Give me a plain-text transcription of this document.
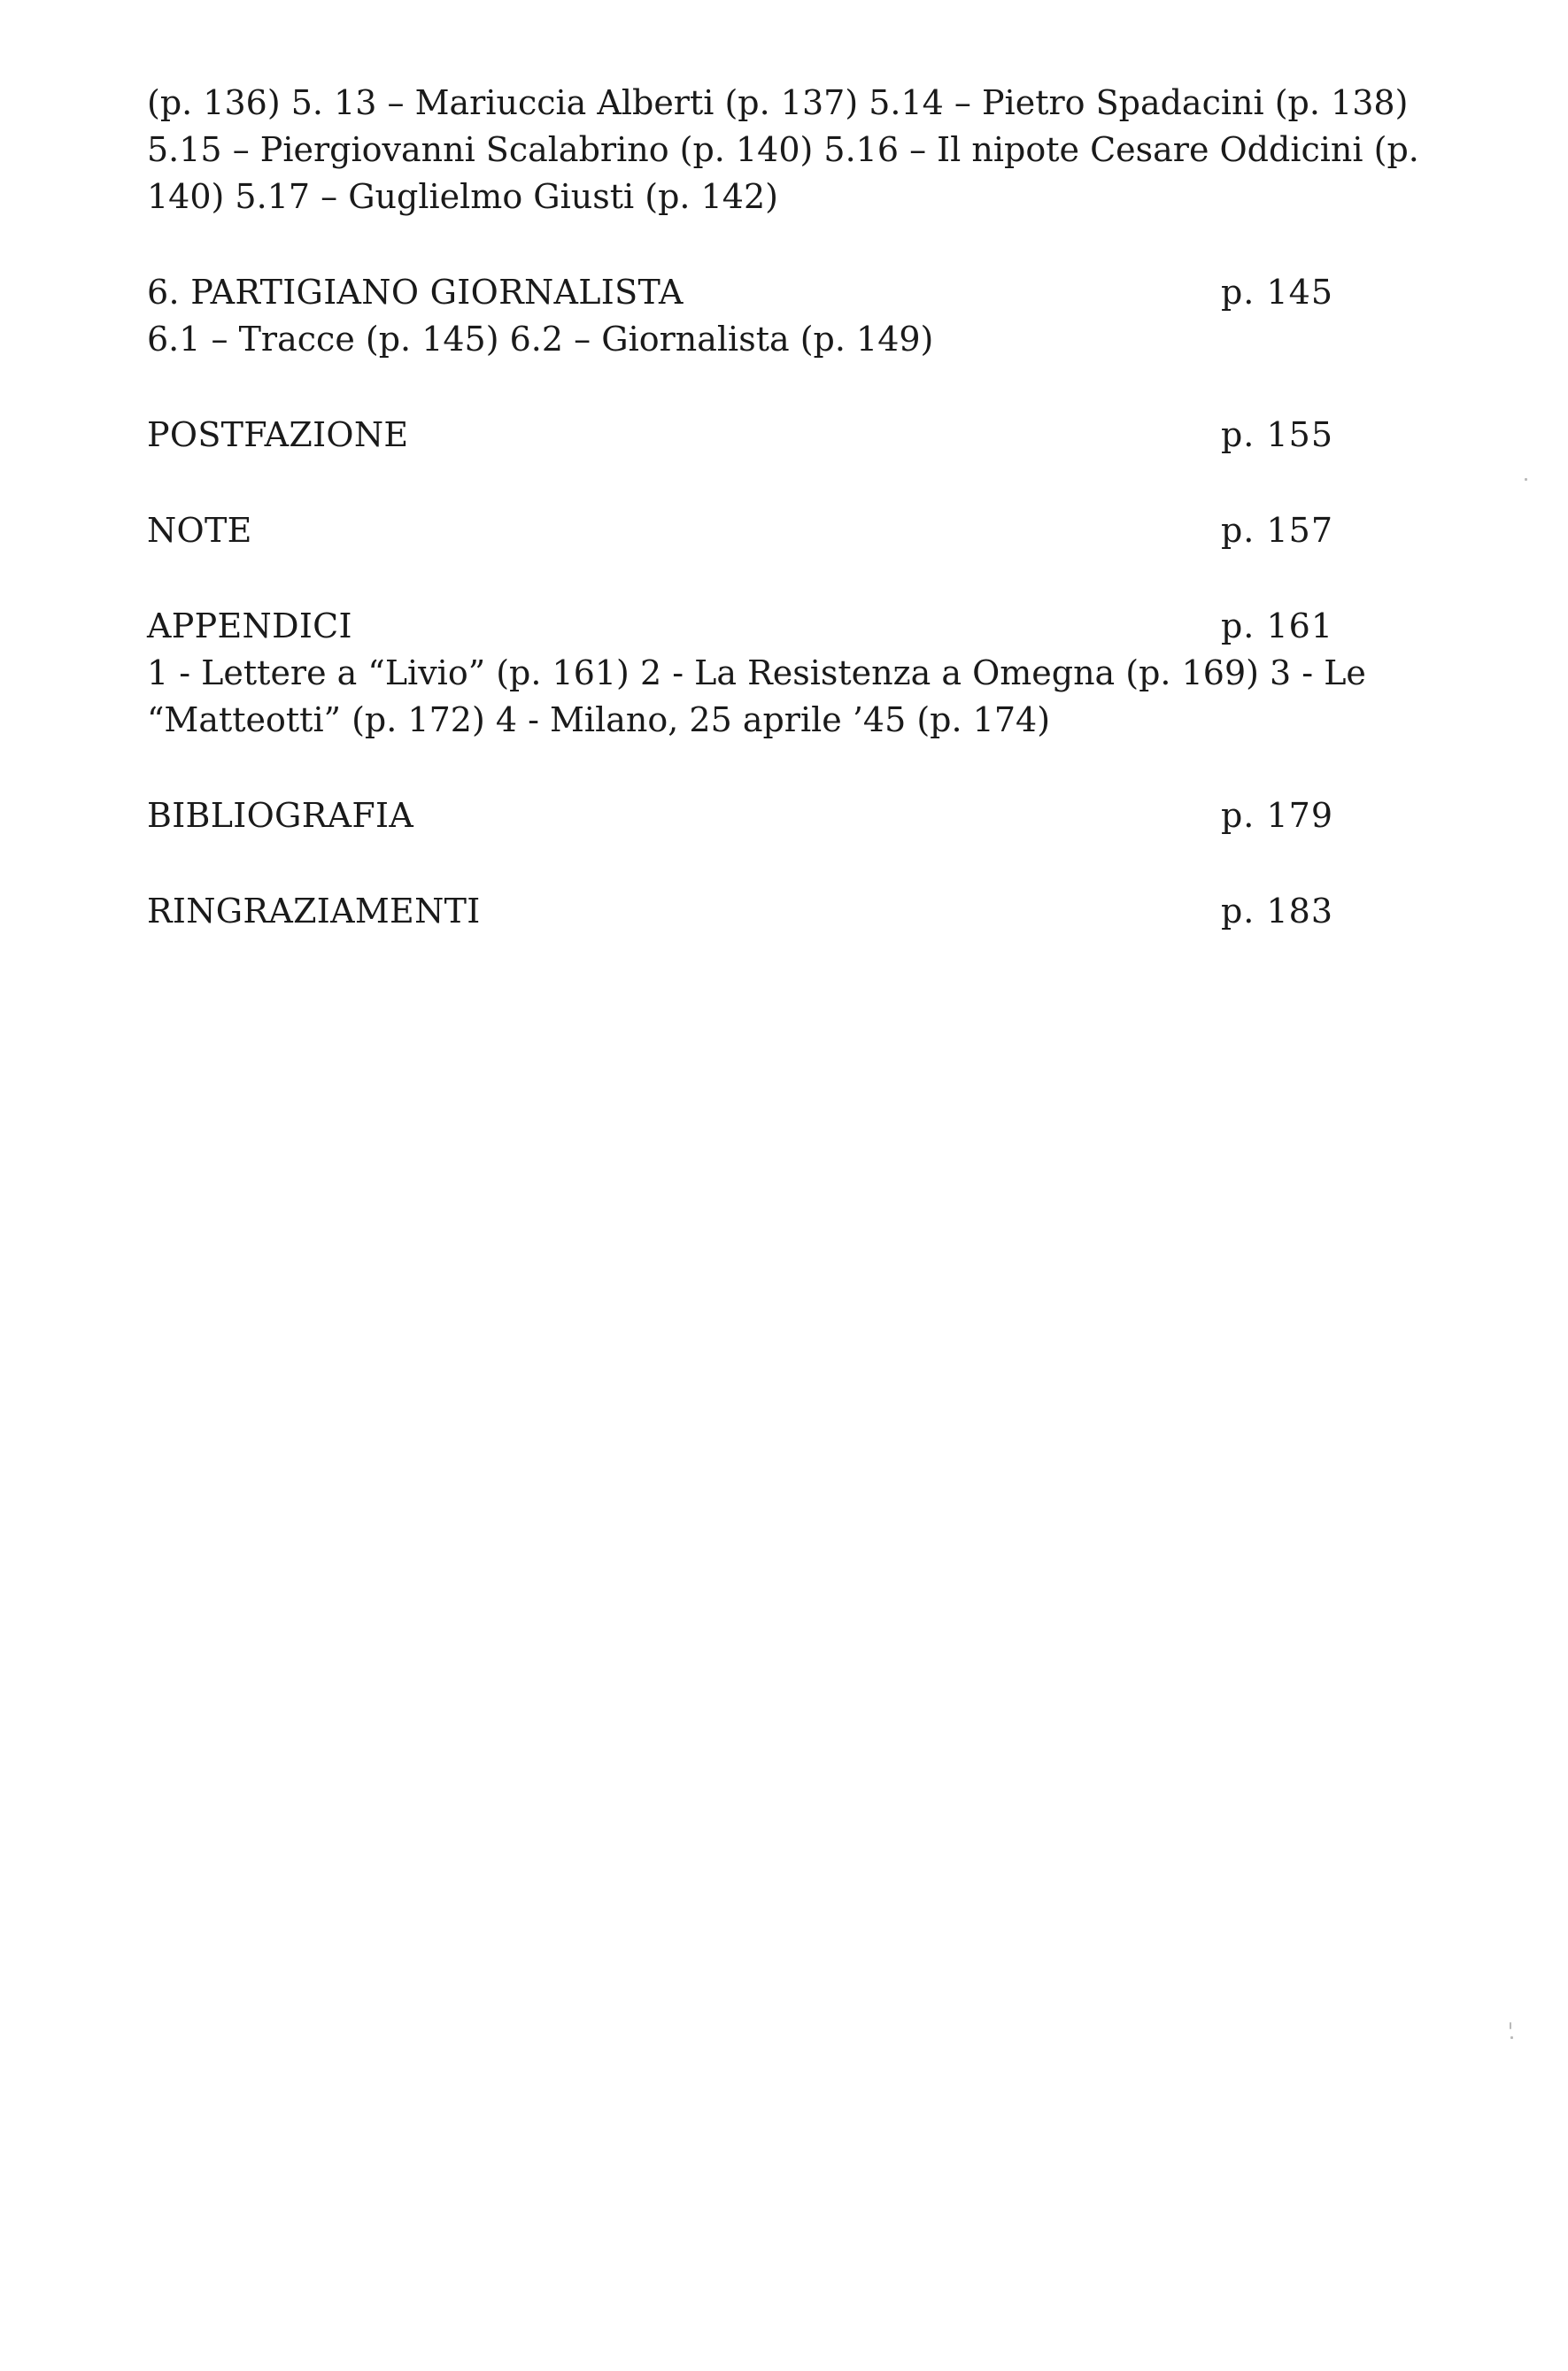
(p. 136) 5. 13 – Mariuccia Alberti (p. 137) 5.14 – Pietro Spadacini (p. 138)
5.15 – Piergiovanni Scalabrino (p. 140) 5.16 – Il nipote Cesare Oddicini (p.
140) 5.17 – Guglielmo Giusti (p. 142)
6. PARTIGIANO GIORNALISTA	p. 145
6.1 – Tracce (p. 145) 6.2 – Giornalista (p. 149)
POSTFAZIONE	p. 155
NOTE	p. 157
APPENDICI	p. 161
1 - Lettere a “Livio” (p. 161) 2 - La Resistenza a Omegna (p. 169) 3 - Le
“Matteotti” (p. 172) 4 - Milano, 25 aprile ’45 (p. 174)
BIBLIOGRAFIA	p. 179
RINGRAZIAMENTI	p. 183
